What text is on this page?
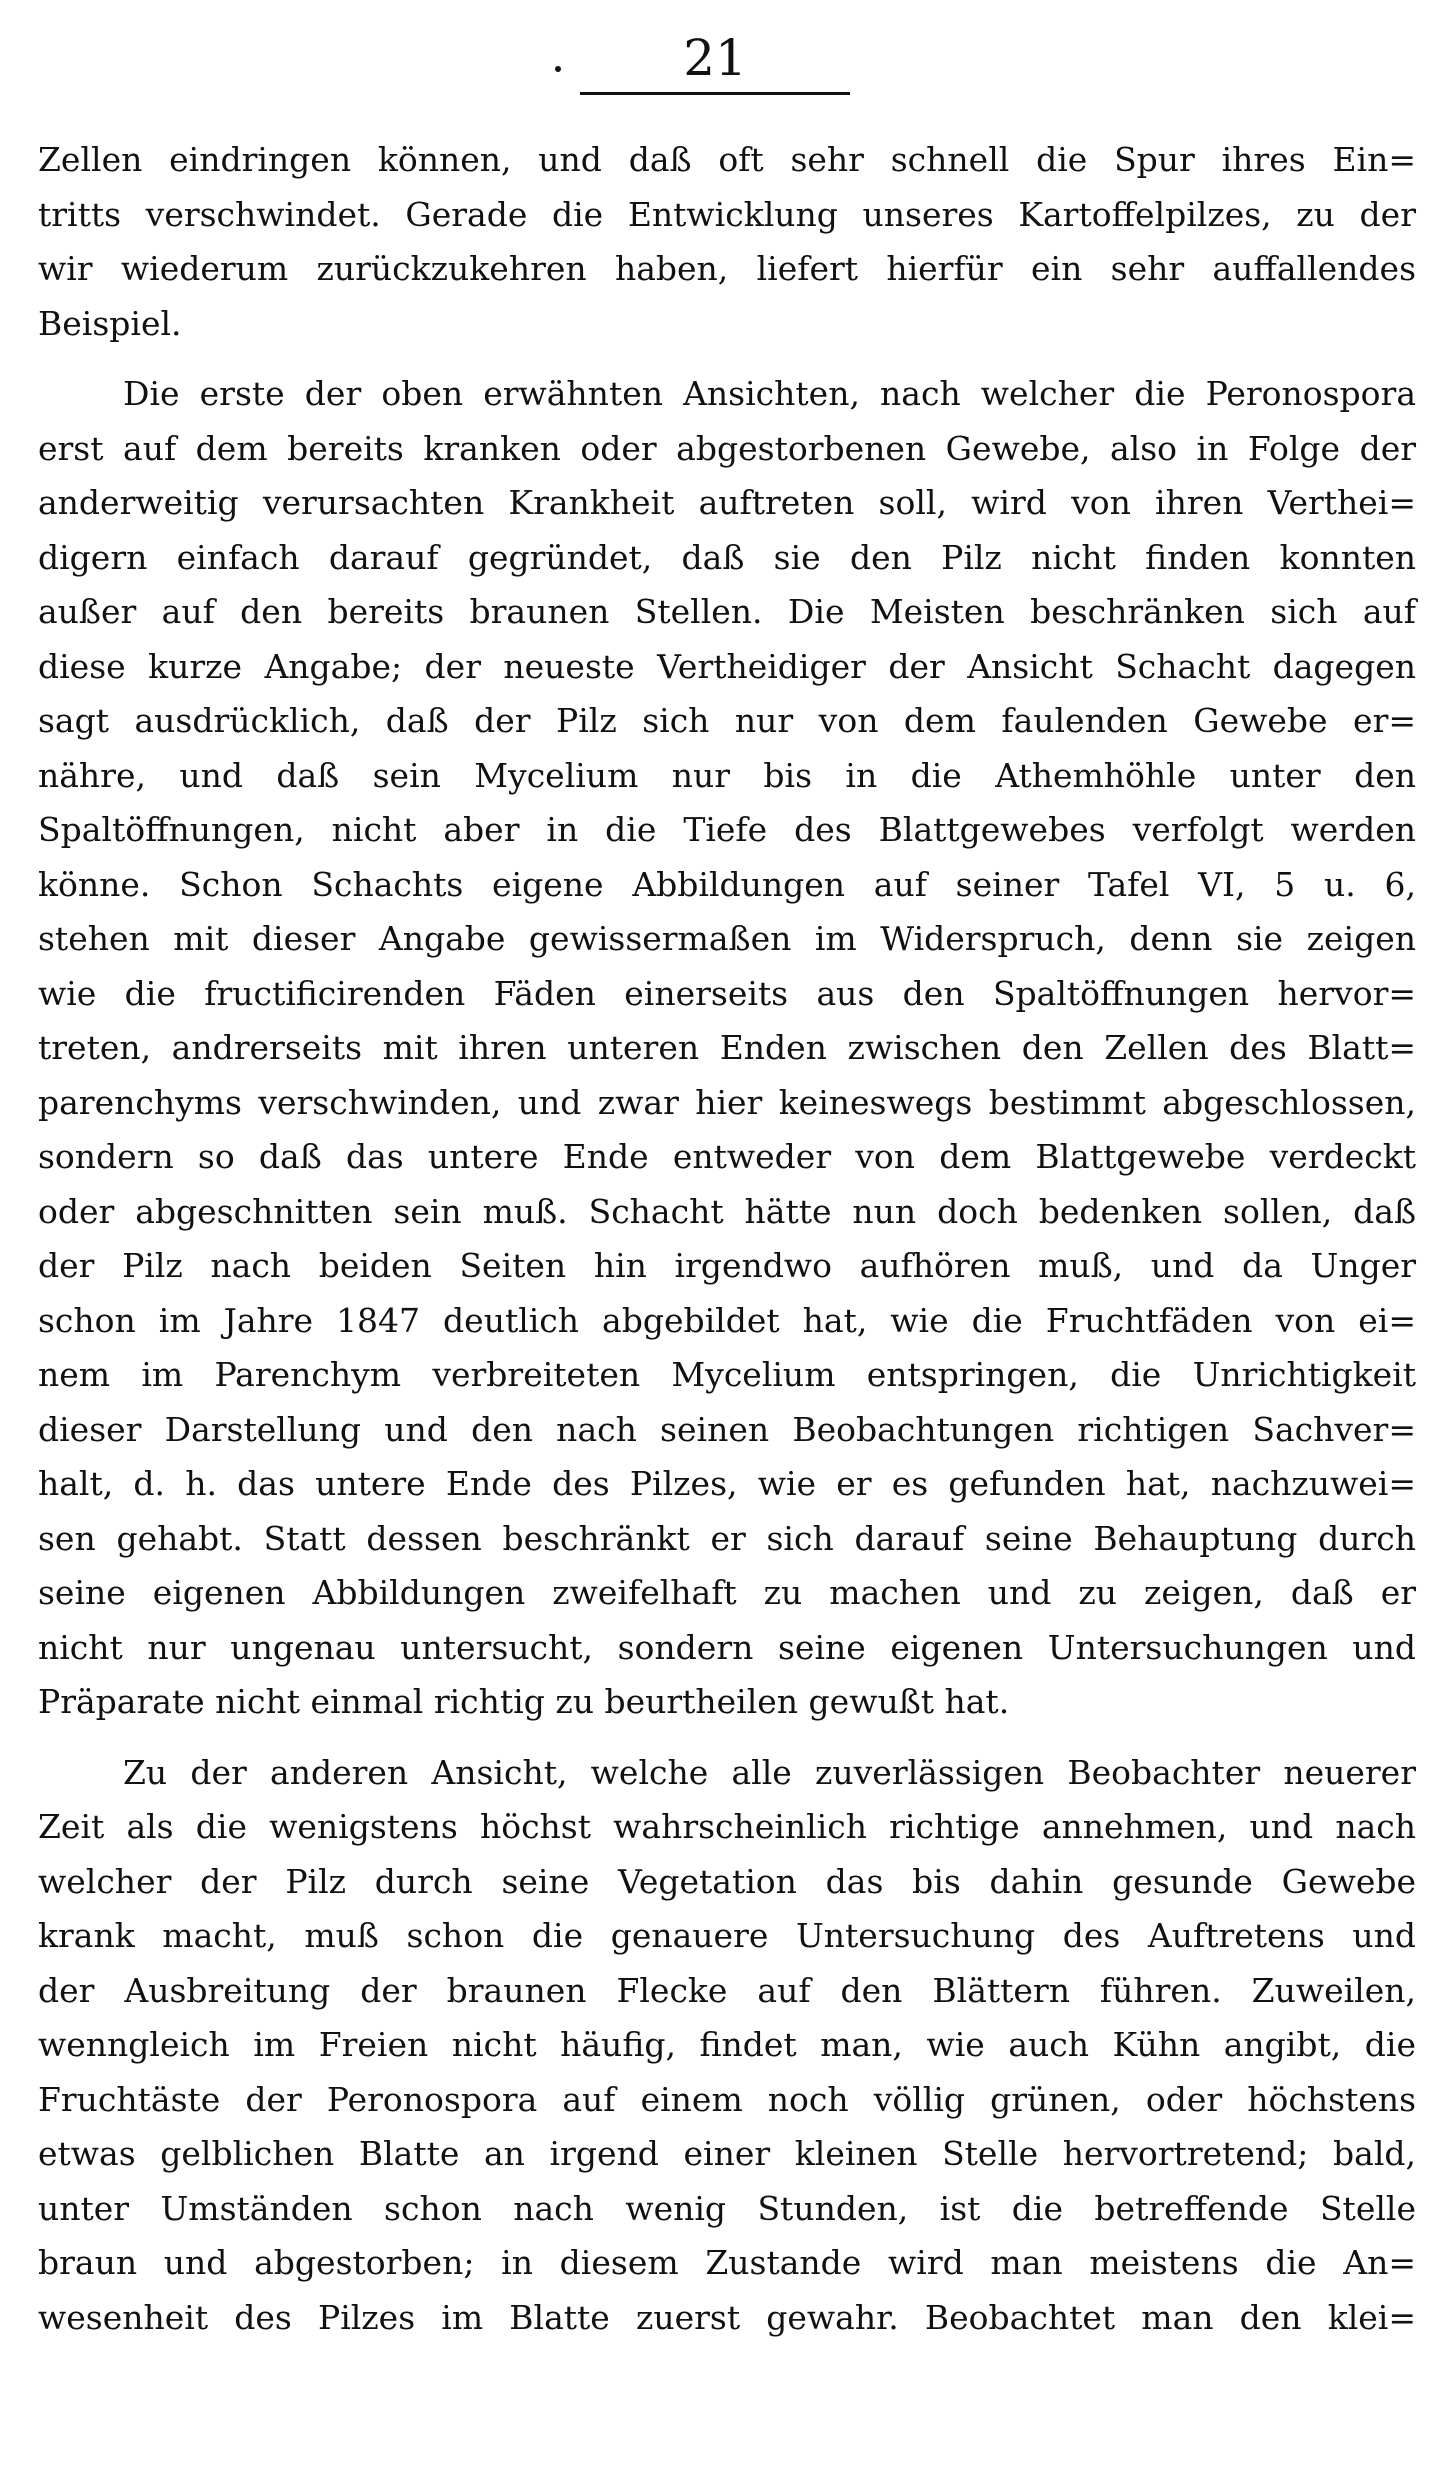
21
Zellen eindringen können, und daß oft sehr schnell die Spur ihres Ein=
tritts verschwindet. Gerade die Entwicklung unseres Kartoffelpilzes, zu der
wir wiederum zurückzukehren haben, liefert hierfür ein sehr auffallendes
Beispiel.
Die erste der oben erwähnten Ansichten, nach welcher die Peronospora
erst auf dem bereits kranken oder abgestorbenen Gewebe, also in Folge der
anderweitig verursachten Krankheit auftreten soll, wird von ihren Verthei=
digern einfach darauf gegründet, daß sie den Pilz nicht finden konnten
außer auf den bereits braunen Stellen. Die Meisten beschränken sich auf
diese kurze Angabe; der neueste Vertheidiger der Ansicht Schacht dagegen
sagt ausdrücklich, daß der Pilz sich nur von dem faulenden Gewebe er=
nähre, und daß sein Mycelium nur bis in die Athemhöhle unter den
Spaltöffnungen, nicht aber in die Tiefe des Blattgewebes verfolgt werden
könne. Schon Schachts eigene Abbildungen auf seiner Tafel VI, 5 u. 6,
stehen mit dieser Angabe gewissermaßen im Widerspruch, denn sie zeigen
wie die fructificirenden Fäden einerseits aus den Spaltöffnungen hervor=
treten, andrerseits mit ihren unteren Enden zwischen den Zellen des Blatt=
parenchyms verschwinden, und zwar hier keineswegs bestimmt abgeschlossen,
sondern so daß das untere Ende entweder von dem Blattgewebe verdeckt
oder abgeschnitten sein muß. Schacht hätte nun doch bedenken sollen, daß
der Pilz nach beiden Seiten hin irgendwo aufhören muß, und da Unger
schon im Jahre 1847 deutlich abgebildet hat, wie die Fruchtfäden von ei=
nem im Parenchym verbreiteten Mycelium entspringen, die Unrichtigkeit
dieser Darstellung und den nach seinen Beobachtungen richtigen Sachver=
halt, d. h. das untere Ende des Pilzes, wie er es gefunden hat, nachzuwei=
sen gehabt. Statt dessen beschränkt er sich darauf seine Behauptung durch
seine eigenen Abbildungen zweifelhaft zu machen und zu zeigen, daß er
nicht nur ungenau untersucht, sondern seine eigenen Untersuchungen und
Präparate nicht einmal richtig zu beurtheilen gewußt hat.
Zu der anderen Ansicht, welche alle zuverlässigen Beobachter neuerer
Zeit als die wenigstens höchst wahrscheinlich richtige annehmen, und nach
welcher der Pilz durch seine Vegetation das bis dahin gesunde Gewebe
krank macht, muß schon die genauere Untersuchung des Auftretens und
der Ausbreitung der braunen Flecke auf den Blättern führen. Zuweilen,
wenngleich im Freien nicht häufig, findet man, wie auch Kühn angibt, die
Fruchtäste der Peronospora auf einem noch völlig grünen, oder höchstens
etwas gelblichen Blatte an irgend einer kleinen Stelle hervortretend; bald,
unter Umständen schon nach wenig Stunden, ist die betreffende Stelle
braun und abgestorben; in diesem Zustande wird man meistens die An=
wesenheit des Pilzes im Blatte zuerst gewahr. Beobachtet man den klei=
